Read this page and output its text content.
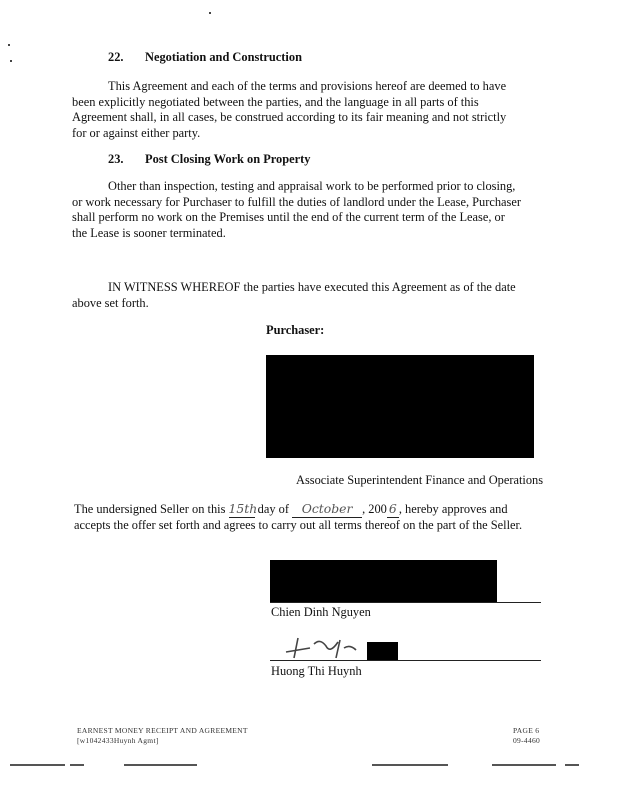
22. Negotiation and Construction

This Agreement and each of the terms and provisions hereof are deemed to have been explicitly negotiated between the parties, and the language in all parts of this Agreement shall, in all cases, be construed according to its fair meaning and not strictly for or against either party.

23. Post Closing Work on Property

Other than inspection, testing and appraisal work to be performed prior to closing, or work necessary for Purchaser to fulfill the duties of landlord under the Lease, Purchaser shall perform no work on the Premises until the end of the current term of the Lease, or the Lease is sooner terminated.

IN WITNESS WHEREOF the parties have executed this Agreement as of the date above set forth.

Purchaser:
Associate Superintendent Finance and Operations

The undersigned Seller on this 15th day of October , 200 6 , hereby approves and accepts the offer set forth and agrees to carry out all terms thereof on the part of the Seller.

Chien Dinh Nguyen
Huong Thi Huynh
EARNEST MONEY RECEIPT AND AGREEMENT
[w1042433Huynh Agmt]
PAGE 6
09-4460
